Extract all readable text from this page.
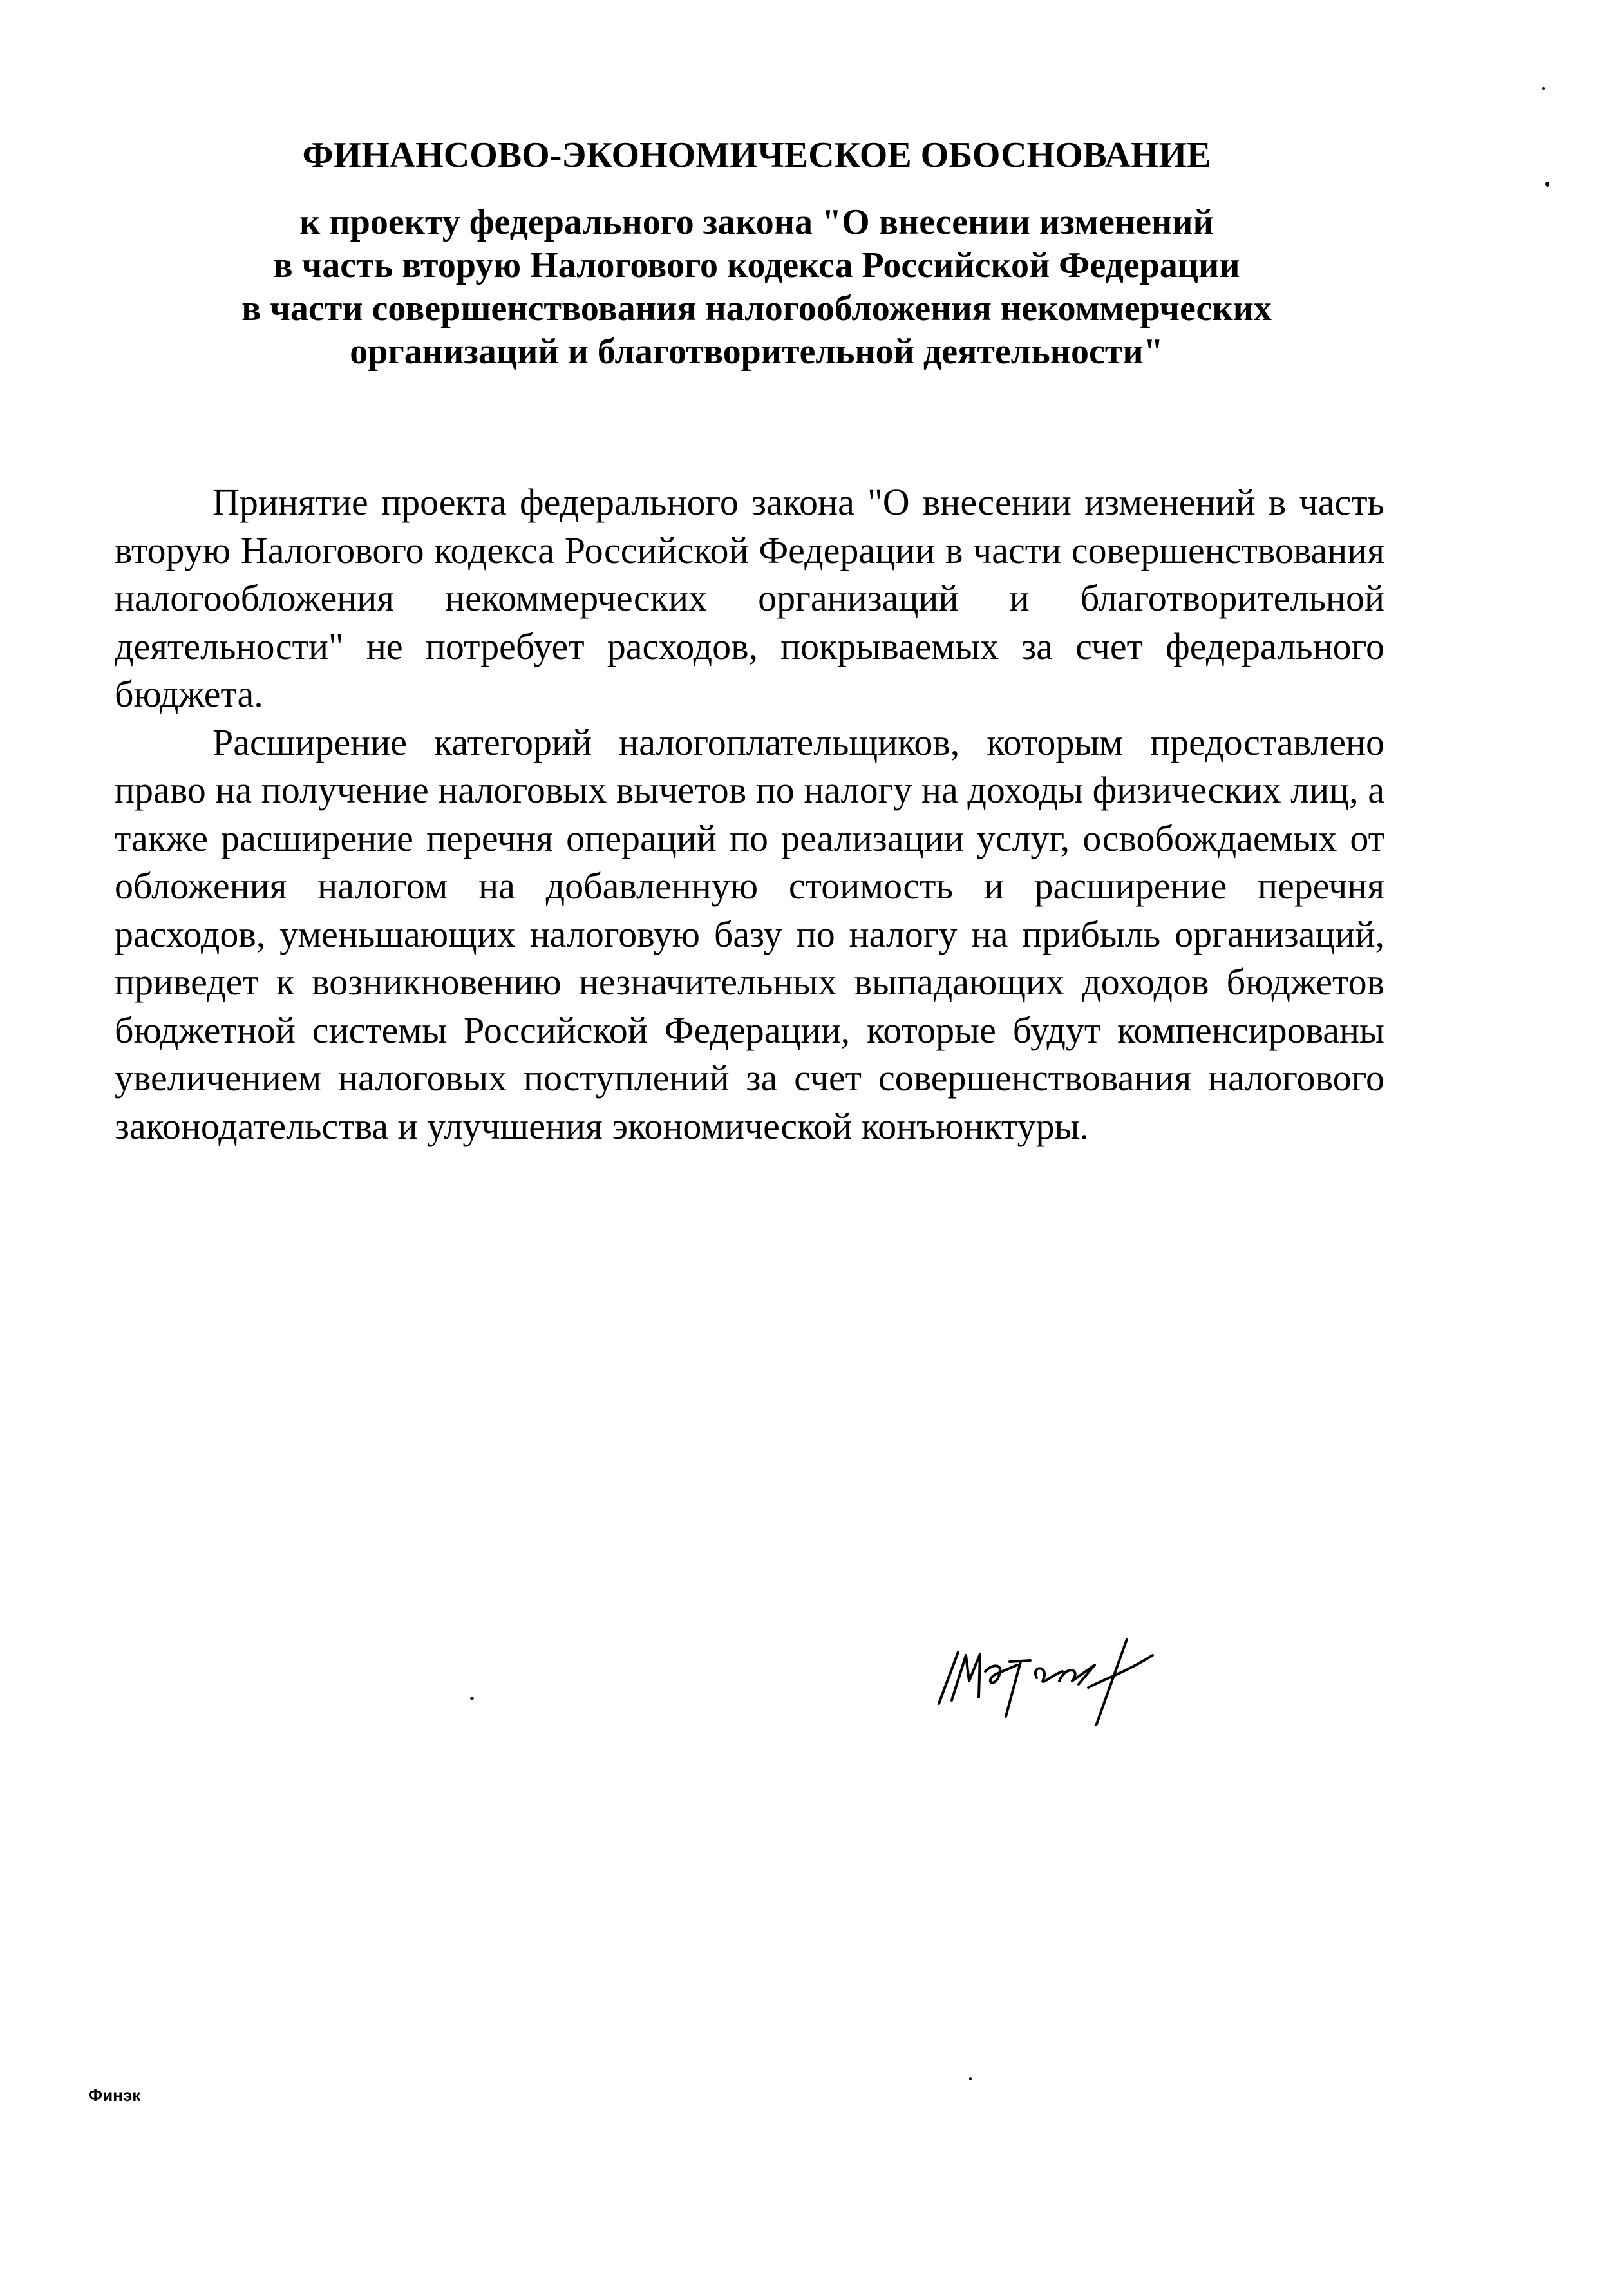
ФИНАНСОВО-ЭКОНОМИЧЕСКОЕ ОБОСНОВАНИЕ
к проекту федерального закона "О внесении изменений
в часть вторую Налогового кодекса Российской Федерации
в части совершенствования налогообложения некоммерческих
организаций и благотворительной деятельности"
Принятие проекта федерального закона "О внесении изменений в часть
вторую Налогового кодекса Российской Федерации в части совершенствования
налогообложения некоммерческих организаций и благотворительной
деятельности" не потребует расходов, покрываемых за счет федерального
бюджета.
Расширение категорий налогоплательщиков, которым предоставлено
право на получение налоговых вычетов по налогу на доходы физических лиц, а
также расширение перечня операций по реализации услуг, освобождаемых от
обложения налогом на добавленную стоимость и расширение перечня
расходов, уменьшающих налоговую базу по налогу на прибыль организаций,
приведет к возникновению незначительных выпадающих доходов бюджетов
бюджетной системы Российской Федерации, которые будут компенсированы
увеличением налоговых поступлений за счет совершенствования налогового
законодательства и улучшения экономической конъюнктуры.
Финэк
